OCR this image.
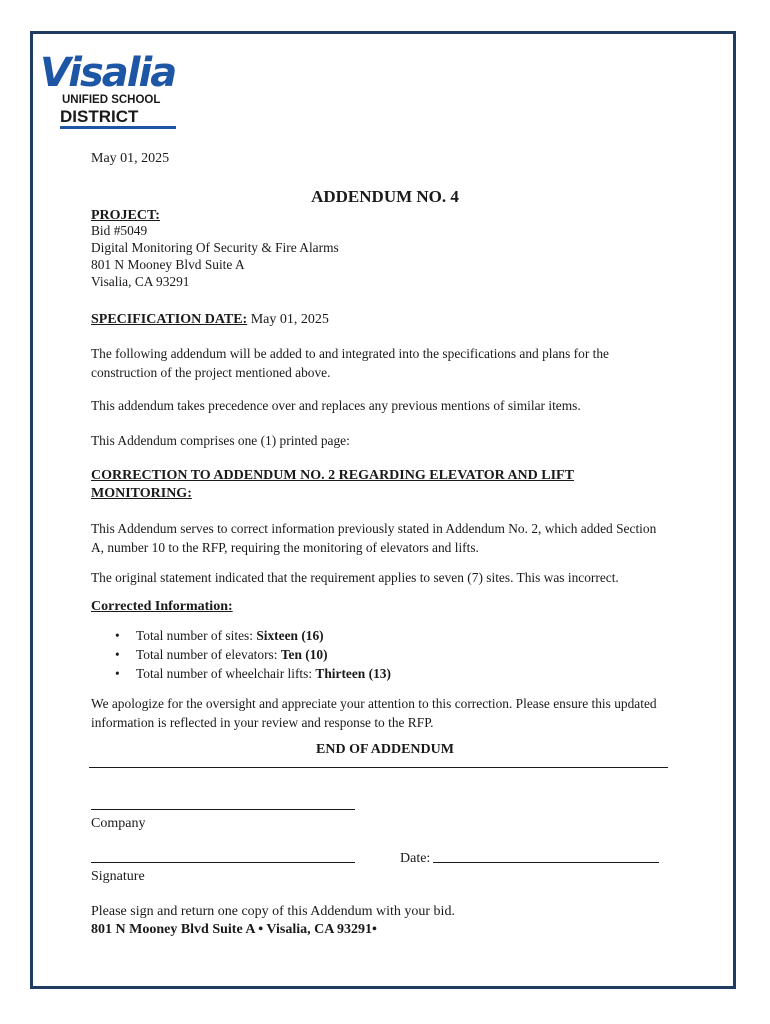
Visalia
UNIFIED SCHOOL
DISTRICT
May 01, 2025
ADDENDUM NO. 4
PROJECT:
Bid #5049
Digital Monitoring Of Security & Fire Alarms
801 N Mooney Blvd Suite A
Visalia, CA 93291
SPECIFICATION DATE: May 01, 2025
The following addendum will be added to and integrated into the specifications and plans for the construction of the project mentioned above.
This addendum takes precedence over and replaces any previous mentions of similar items.
This Addendum comprises one (1) printed page:
CORRECTION TO ADDENDUM NO. 2 REGARDING ELEVATOR AND LIFT MONITORING:
This Addendum serves to correct information previously stated in Addendum No. 2, which added Section A, number 10 to the RFP, requiring the monitoring of elevators and lifts.
The original statement indicated that the requirement applies to seven (7) sites. This was incorrect.
Corrected Information:
• Total number of sites: Sixteen (16)
• Total number of elevators: Ten (10)
• Total number of wheelchair lifts: Thirteen (13)
We apologize for the oversight and appreciate your attention to this correction. Please ensure this updated information is reflected in your review and response to the RFP.
END OF ADDENDUM
Company
Signature
Date:
Please sign and return one copy of this Addendum with your bid.
801 N Mooney Blvd Suite A • Visalia, CA 93291•
